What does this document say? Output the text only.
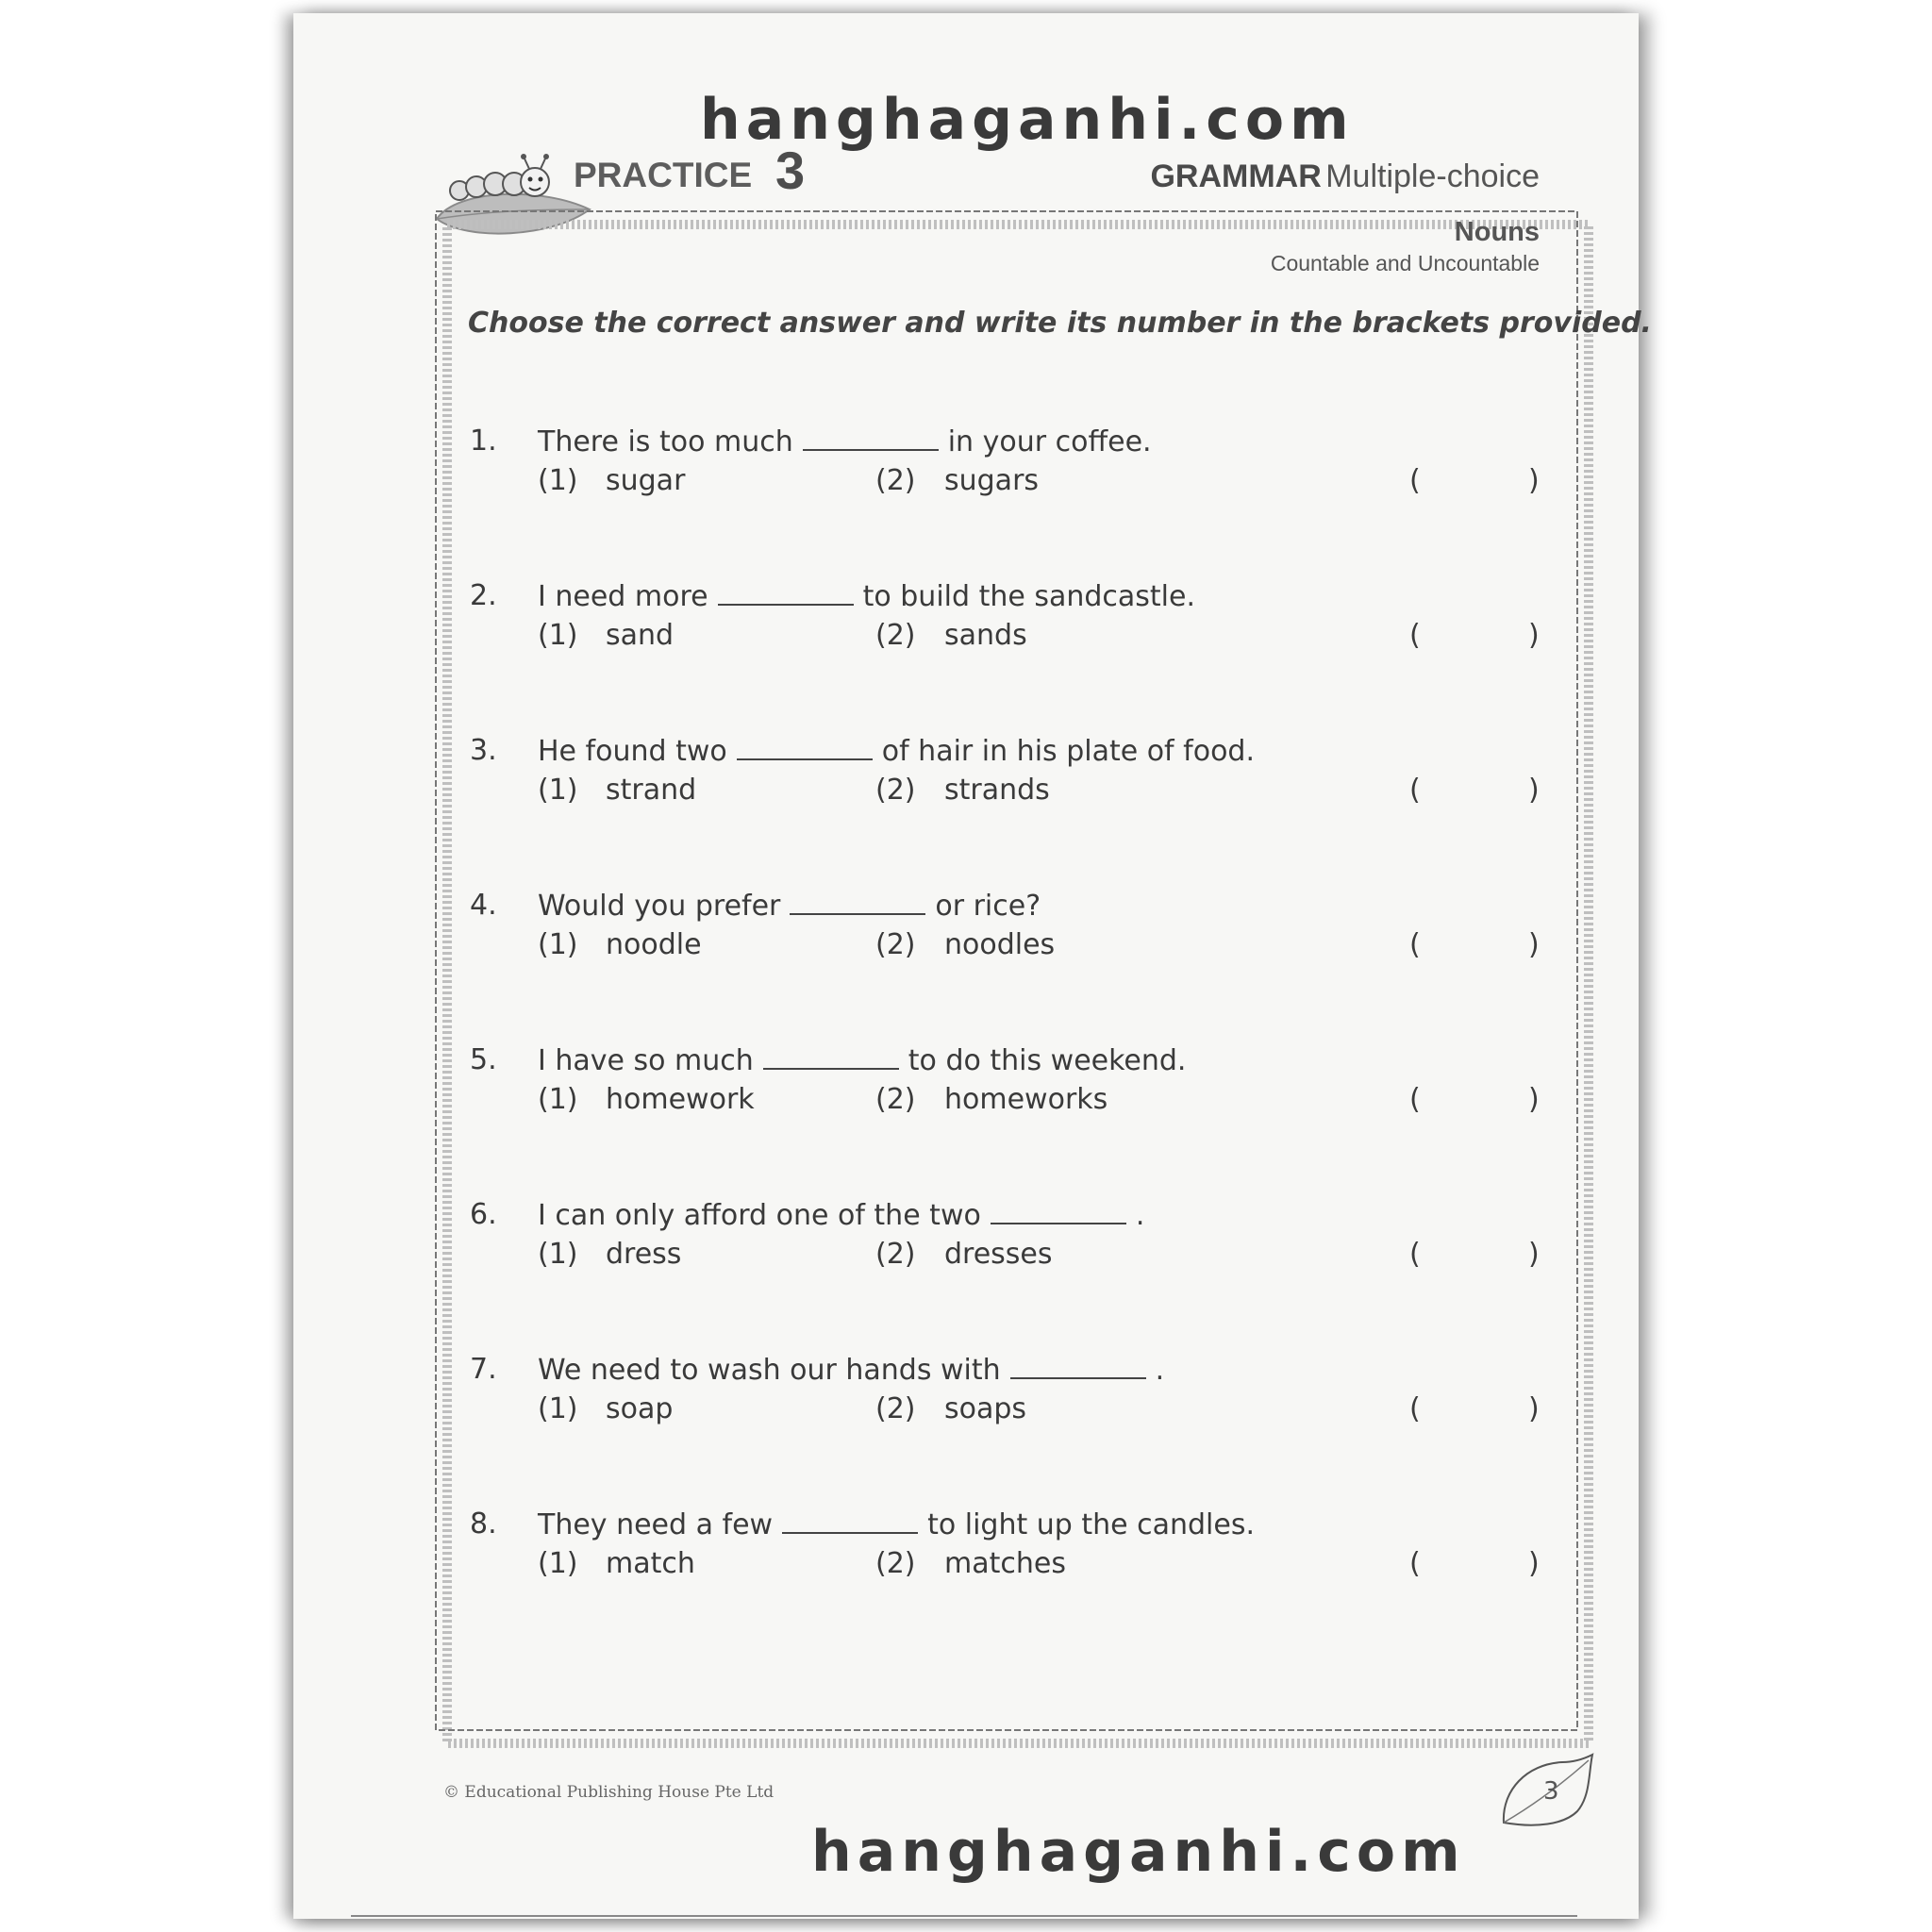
hanghaganhi.com
PRACTICE 3	GRAMMAR Multiple-choice
Nouns
Countable and Uncountable
Choose the correct answer and write its number in the brackets provided.
1. There is too much	in your coffee.
(1) sugar	(2) sugars	(	)
2. I need more	to build the sandcastle.
(1) sand	(2) sands	(	)
3. He found two	of hair in his plate of food.
(1) strand	(2) strands	(	)
4. Would you prefer	or rice?
(1) noodle	(2) noodles	(	)
5. I have so much	to do this weekend.
(1) homework	(2) homeworks	(	)
6. I can only afford one of the two	.
(1) dress	(2) dresses	(	)
7. We need to wash our hands with	.
(1) soap	(2) soaps	(	)
8. They need a few	to light up the candles.
(1) match	(2) matches	(	)
© Educational Publishing House Pte Ltd	3
hanghaganhi.com
